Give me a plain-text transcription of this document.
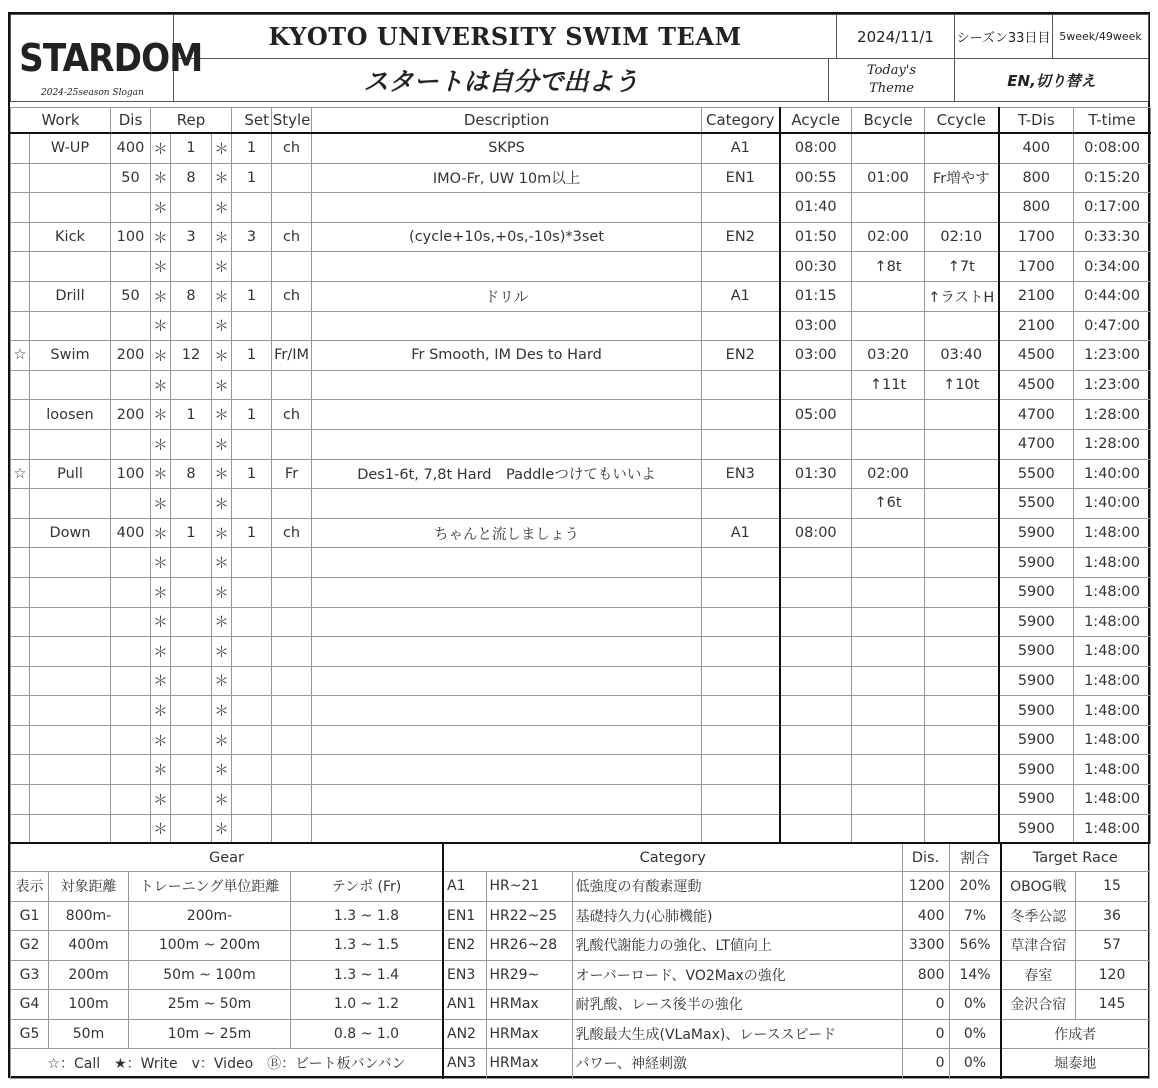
STARDOM
2024-25season Slogan	KYOTO UNIVERSITY SWIM TEAM		2024/11/1	シーズン33日目	5week/49week
	スタートは自分で出よう	Today's
Theme		EN,切り替え	
Work		Dis	Rep			Set	Style	Description	Category	Acycle	Bcycle	Ccycle	T-Dis	T-time
	W-UP	400	＊	1	＊	1	ch	SKPS	A1	08:00			400	0:08:00
		50	＊	8	＊	1		IMO-Fr, UW 10m以上	EN1	00:55	01:00	Fr増やす	800	0:15:20
			＊		＊					01:40			800	0:17:00
	Kick	100	＊	3	＊	3	ch	(cycle+10s,+0s,-10s)*3set	EN2	01:50	02:00	02:10	1700	0:33:30
			＊		＊					00:30	↑8t	↑7t	1700	0:34:00
	Drill	50	＊	8	＊	1	ch	ドリル	A1	01:15		↑ラストH	2100	0:44:00
			＊		＊					03:00			2100	0:47:00
☆	Swim	200	＊	12	＊	1	Fr/IM	Fr Smooth, IM Des to Hard	EN2	03:00	03:20	03:40	4500	1:23:00
			＊		＊						↑11t	↑10t	4500	1:23:00
	loosen	200	＊	1	＊	1	ch			05:00			4700	1:28:00
			＊		＊								4700	1:28:00
☆	Pull	100	＊	8	＊	1	Fr	Des1-6t, 7,8t Hard　Paddleつけてもいいよ	EN3	01:30	02:00		5500	1:40:00
			＊		＊						↑6t		5500	1:40:00
	Down	400	＊	1	＊	1	ch	ちゃんと流しましょう	A1	08:00			5900	1:48:00
			＊		＊								5900	1:48:00
			＊		＊								5900	1:48:00
			＊		＊								5900	1:48:00
			＊		＊								5900	1:48:00
			＊		＊								5900	1:48:00
			＊		＊								5900	1:48:00
			＊		＊								5900	1:48:00
			＊		＊								5900	1:48:00
			＊		＊								5900	1:48:00
			＊		＊								5900	1:48:00
Gear			
表示	対象距離	トレーニング単位距離	テンポ (Fr)
G1	800m-	200m-	1.3 ~ 1.8
G2	400m	100m ~ 200m	1.3 ~ 1.5
G3	200m	50m ~ 100m	1.3 ~ 1.4
G4	100m	25m ~ 50m	1.0 ~ 1.2
G5	50m	10m ~ 25m	0.8 ~ 1.0
☆：Call　★：Write　v：Video　Ⓑ：ビート板バンバン			
Category			Dis.	割合
A1	HR~21	低強度の有酸素運動	1200	20%
EN1	HR22~25	基礎持久力(心肺機能)	400	7%
EN2	HR26~28	乳酸代謝能力の強化、LT値向上	3300	56%
EN3	HR29~	オーバーロード、VO2Maxの強化	800	14%
AN1	HRMax	耐乳酸、レース後半の強化	0	0%
AN2	HRMax	乳酸最大生成(VLaMax)、レーススピード	0	0%
AN3	HRMax	パワー、神経刺激	0	0%
Target Race	
OBOG戦	15
冬季公認	36
草津合宿	57
春室	120
金沢合宿	145
作成者	
堀泰地	
